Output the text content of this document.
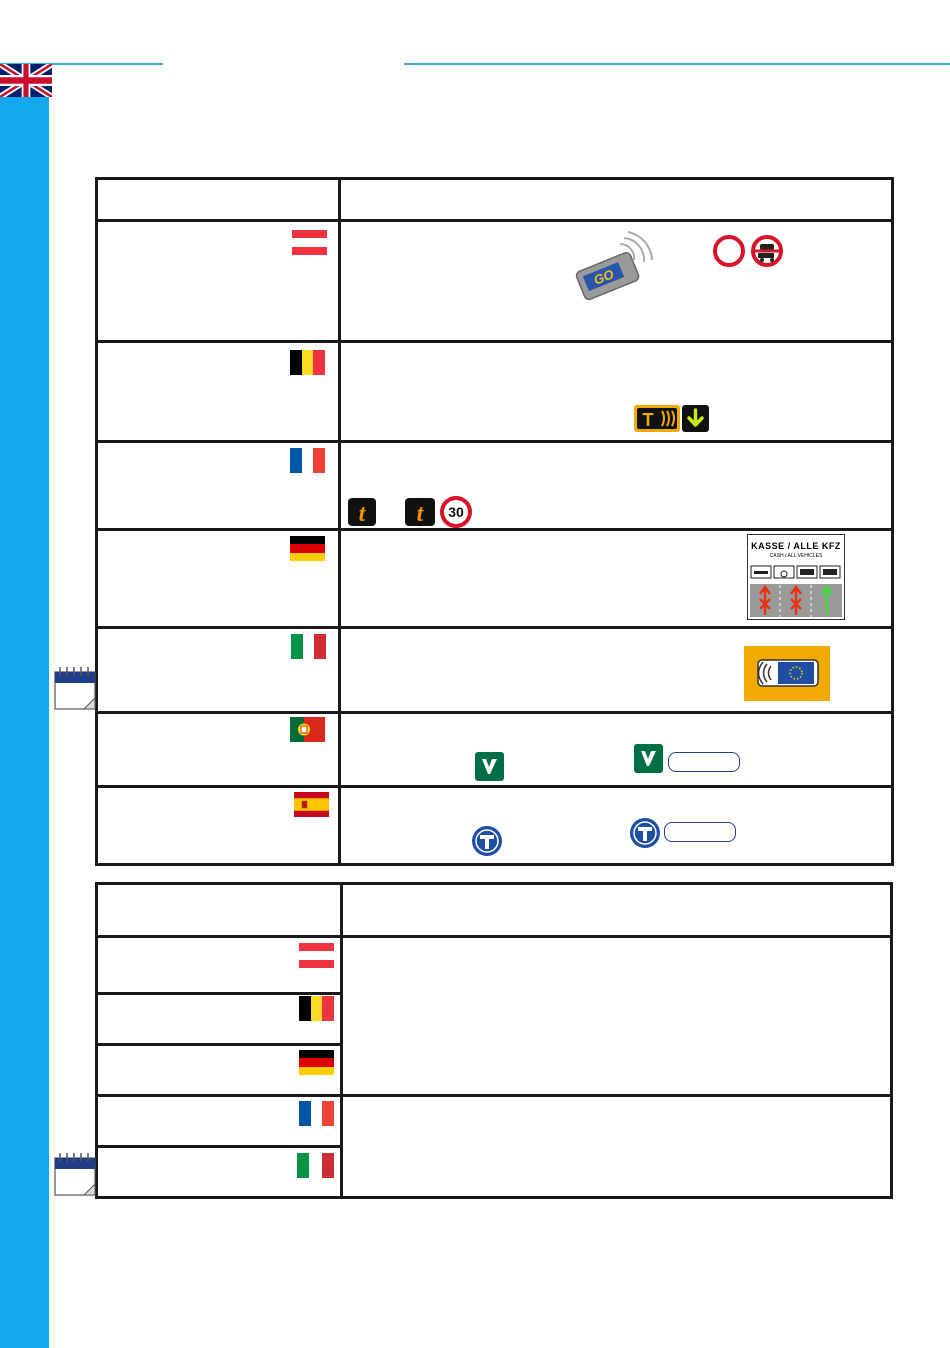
GO
T
t t 30
KASSE / ALLE KFZ
CASH / ALL VEHICLES
